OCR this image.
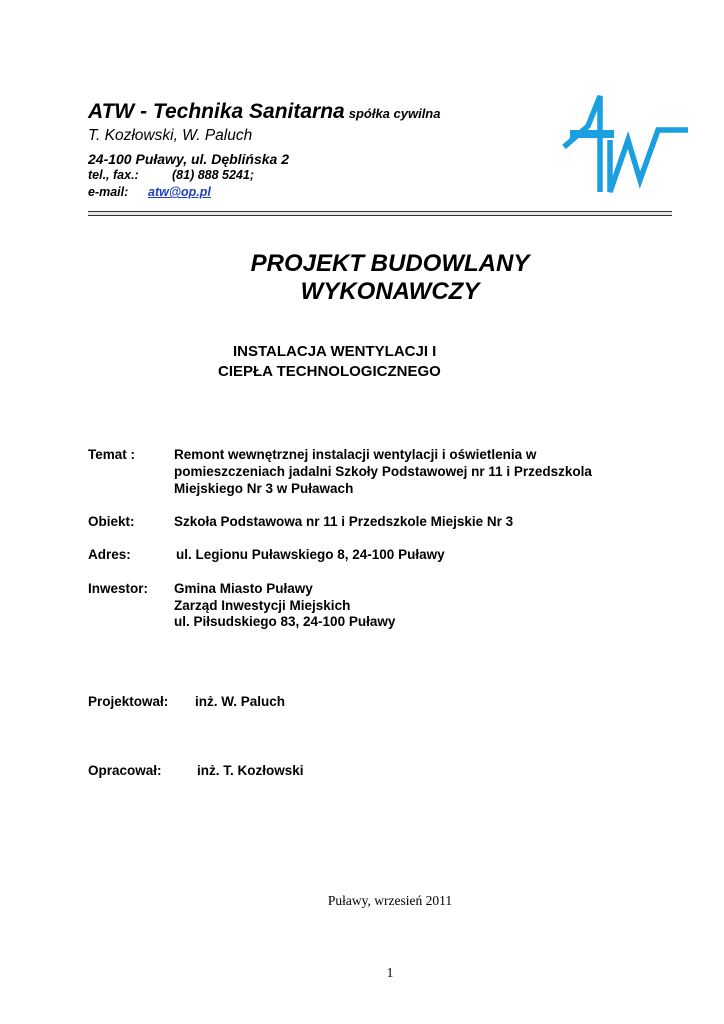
ATW - Technika Sanitarna spółka cywilna
T. Kozłowski, W. Paluch
24-100 Puławy, ul. Dęblińska 2
tel., fax.:	(81) 888 5241;
e-mail: atw@op.pl
PROJEKT BUDOWLANY
WYKONAWCZY
INSTALACJA WENTYLACJI I
CIEPŁA TECHNOLOGICZNEGO
Temat :	Remont wewnętrznej instalacji wentylacji i oświetlenia w
pomieszczeniach jadalni Szkoły Podstawowej nr 11 i Przedszkola
Miejskiego Nr 3 w Puławach
Obiekt:	Szkoła Podstawowa nr 11 i Przedszkole Miejskie Nr 3
Adres:	ul. Legionu Puławskiego 8, 24-100 Puławy
Inwestor: Gmina Miasto Puławy
Zarząd Inwestycji Miejskich
ul. Piłsudskiego 83, 24-100 Puławy
Projektował: inż. W. Paluch
Opracował:	inż. T. Kozłowski
Puławy, wrzesień 2011
1
